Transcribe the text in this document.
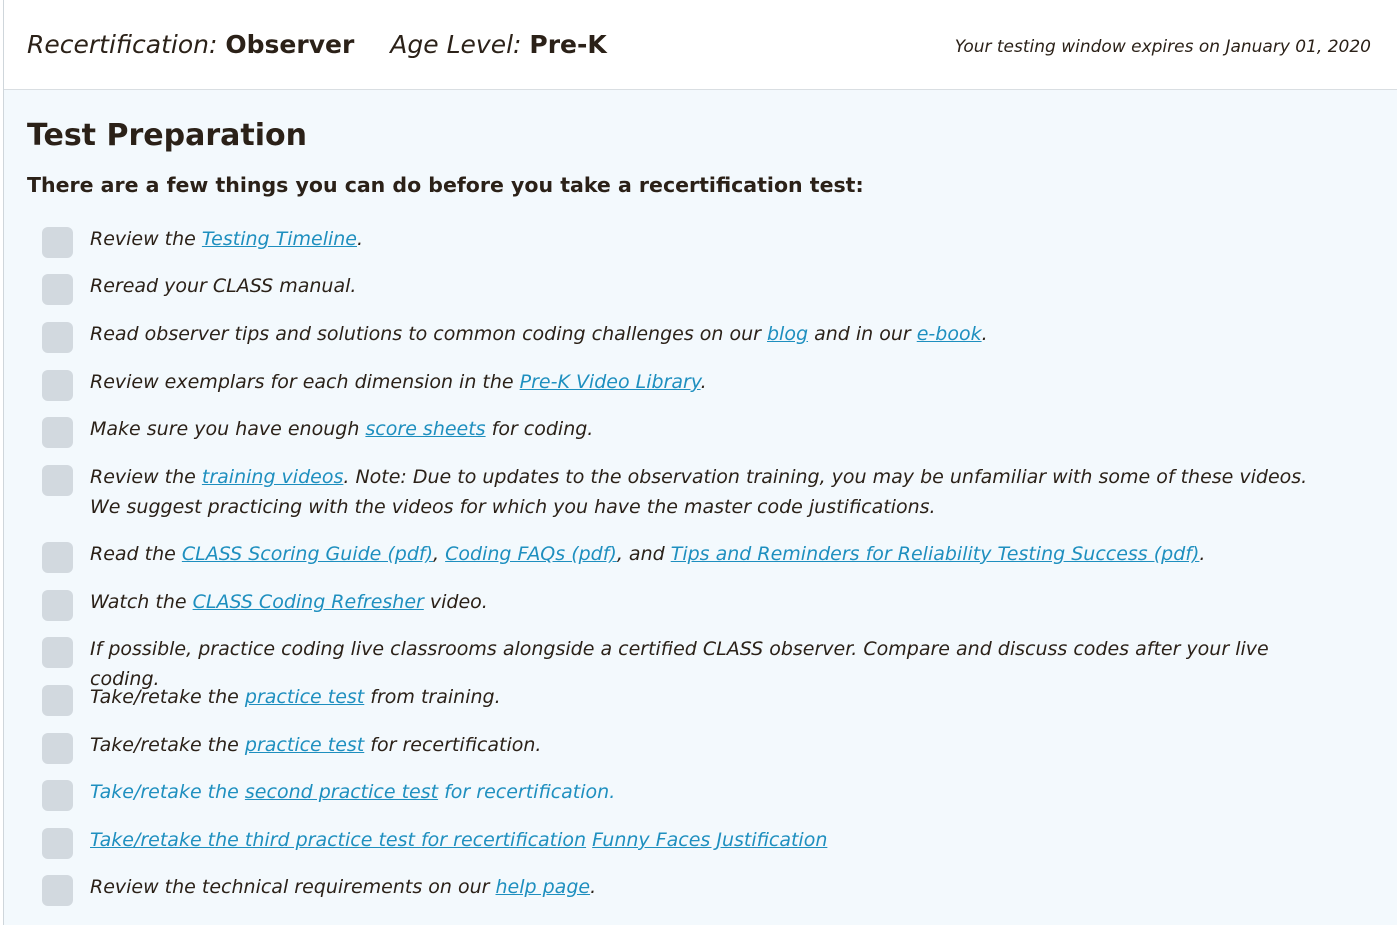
Recertification: Observer Age Level: Pre-K	Your testing window expires on January 01, 2020
Test Preparation
There are a few things you can do before you take a recertification test:
Review the Testing Timeline.
Reread your CLASS manual.
Read observer tips and solutions to common coding challenges on our blog and in our e-book.
Review exemplars for each dimension in the Pre-K Video Library.
Make sure you have enough score sheets for coding.
Review the training videos. Note: Due to updates to the observation training, you may be unfamiliar with some of these videos. We suggest practicing with the videos for which you have the master code justifications.
Read the CLASS Scoring Guide (pdf), Coding FAQs (pdf), and Tips and Reminders for Reliability Testing Success (pdf).
Watch the CLASS Coding Refresher video.
If possible, practice coding live classrooms alongside a certified CLASS observer. Compare and discuss codes after your live coding.
Take/retake the practice test from training.
Take/retake the practice test for recertification.
Take/retake the second practice test for recertification.
Take/retake the third practice test for recertification Funny Faces Justification
Review the technical requirements on our help page.
